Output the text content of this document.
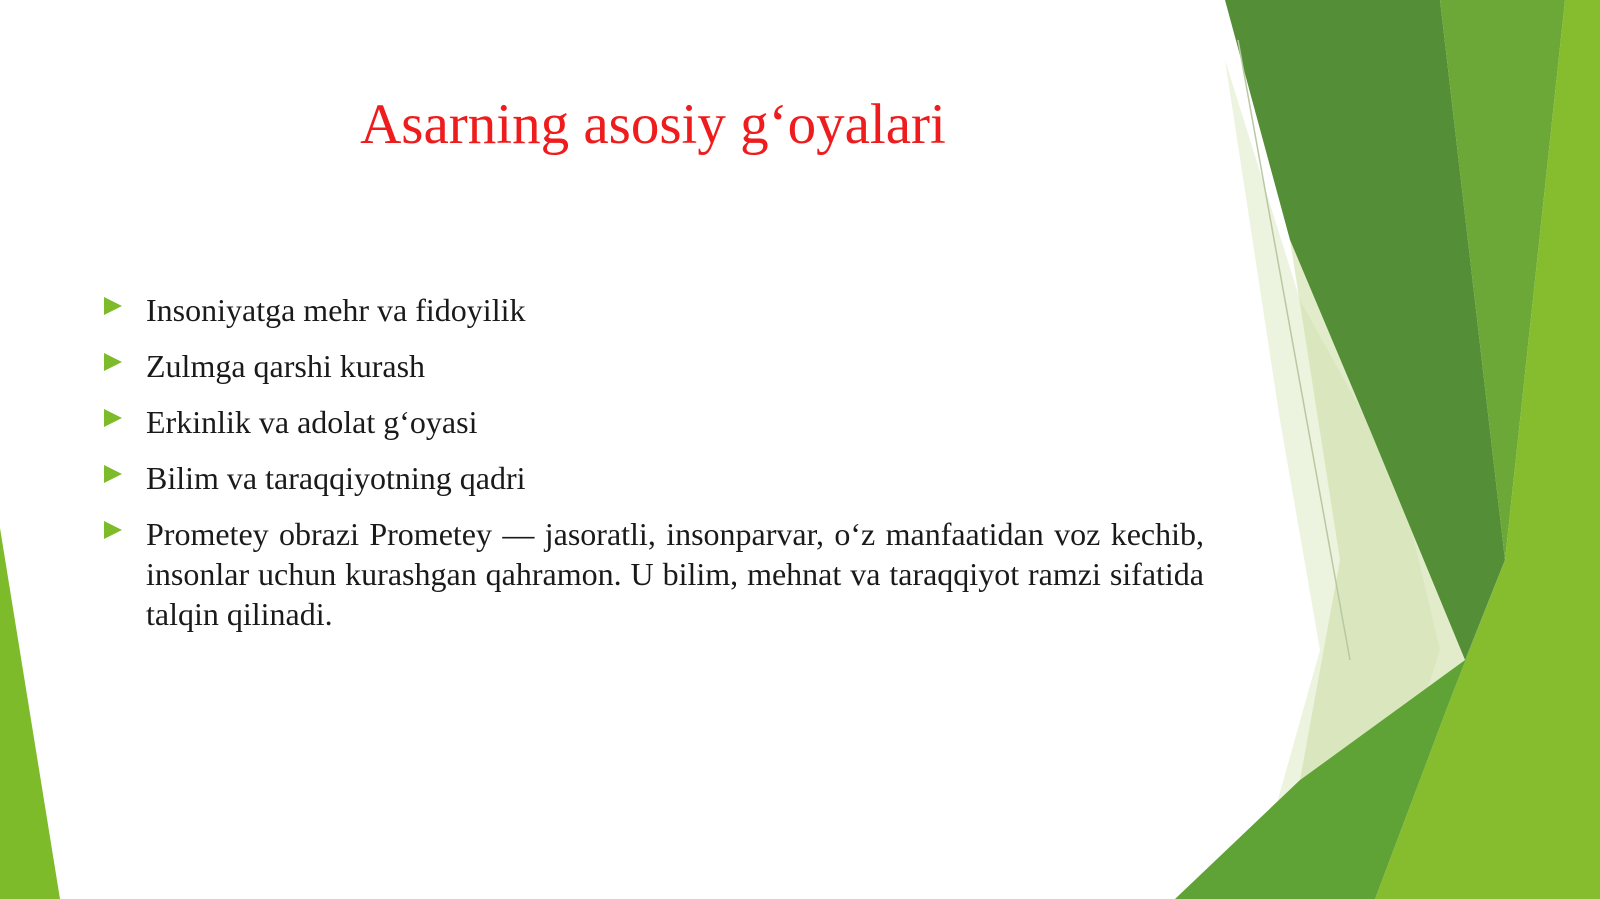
Asarning asosiy g‘oyalari
Insoniyatga mehr va fidoyilik
Zulmga qarshi kurash
Erkinlik va adolat g‘oyasi
Bilim va taraqqiyotning qadri
Prometey obrazi Prometey — jasoratli, insonparvar, o‘z manfaatidan voz kechib, insonlar uchun kurashgan qahramon. U bilim, mehnat va taraqqiyot ramzi sifatida talqin qilinadi.
